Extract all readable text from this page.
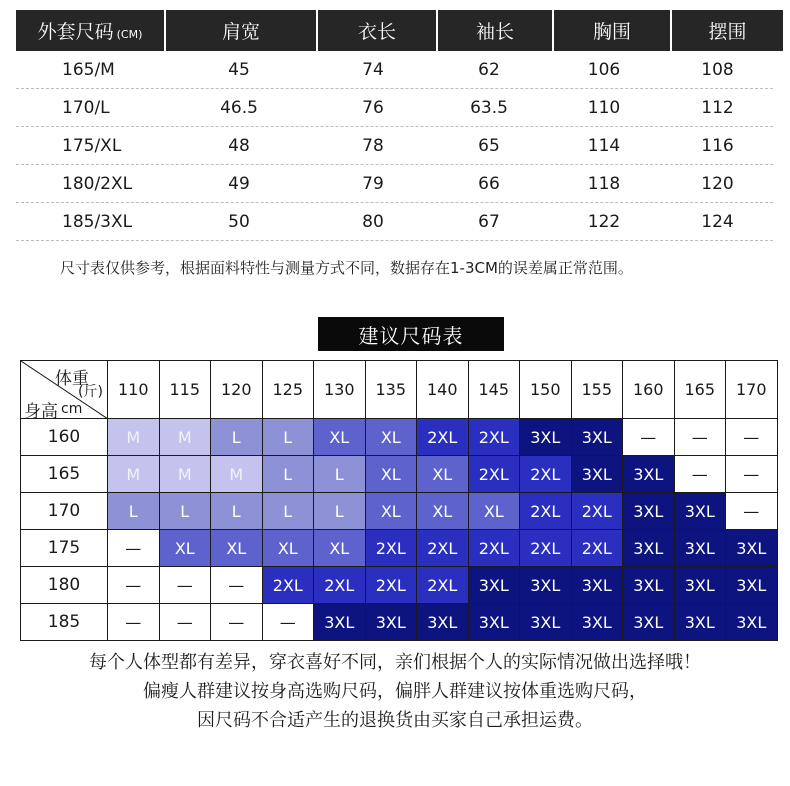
外套尺码 (CM)	肩宽	衣长	袖长	胸围	摆围
165/M	45	74	62	106	108
170/L	46.5	76	63.5	110	112
175/XL	48	78	65	114	116
180/2XL	49	79	66	118	120
185/3XL	50	80	67	122	124
尺寸表仅供参考，根据面料特性与测量方式不同，数据存在1-3CM的误差属正常范围。
建议尺码表
体重
(斤)
身高 cm	110	115	120	125	130	135	140	145	150	155	160	165	170
160	M	M	L	L	XL	XL	2XL	2XL	3XL	3XL	—	—	—
165	M	M	M	L	L	XL	XL	2XL	2XL	3XL	3XL	—	—
170	L	L	L	L	L	XL	XL	XL	2XL	2XL	3XL	3XL	—
175	—	XL	XL	XL	XL	2XL	2XL	2XL	2XL	2XL	3XL	3XL	3XL
180	—	—	—	2XL	2XL	2XL	2XL	3XL	3XL	3XL	3XL	3XL	3XL
185	—	—	—	—	3XL	3XL	3XL	3XL	3XL	3XL	3XL	3XL	3XL
每个人体型都有差异，穿衣喜好不同，亲们根据个人的实际情况做出选择哦！
偏瘦人群建议按身高选购尺码，偏胖人群建议按体重选购尺码，
因尺码不合适产生的退换货由买家自己承担运费。
